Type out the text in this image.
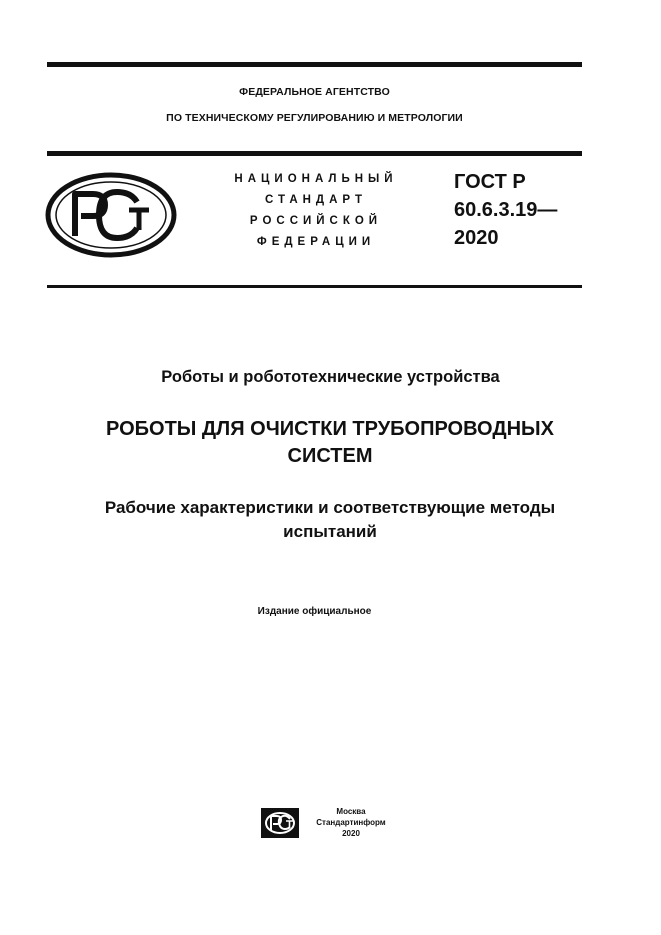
ФЕДЕРАЛЬНОЕ АГЕНТСТВО
ПО ТЕХНИЧЕСКОМУ РЕГУЛИРОВАНИЮ И МЕТРОЛОГИИ
НАЦИОНАЛЬНЫЙ
СТАНДАРТ
РОССИЙСКОЙ
ФЕДЕРАЦИИ
ГОСТ Р
60.6.3.19—
2020
Роботы и робототехнические устройства
РОБОТЫ ДЛЯ ОЧИСТКИ ТРУБОПРОВОДНЫХ
СИСТЕМ
Рабочие характеристики и соответствующие методы
испытаний
Издание официальное
Москва
Стандартинформ
2020
